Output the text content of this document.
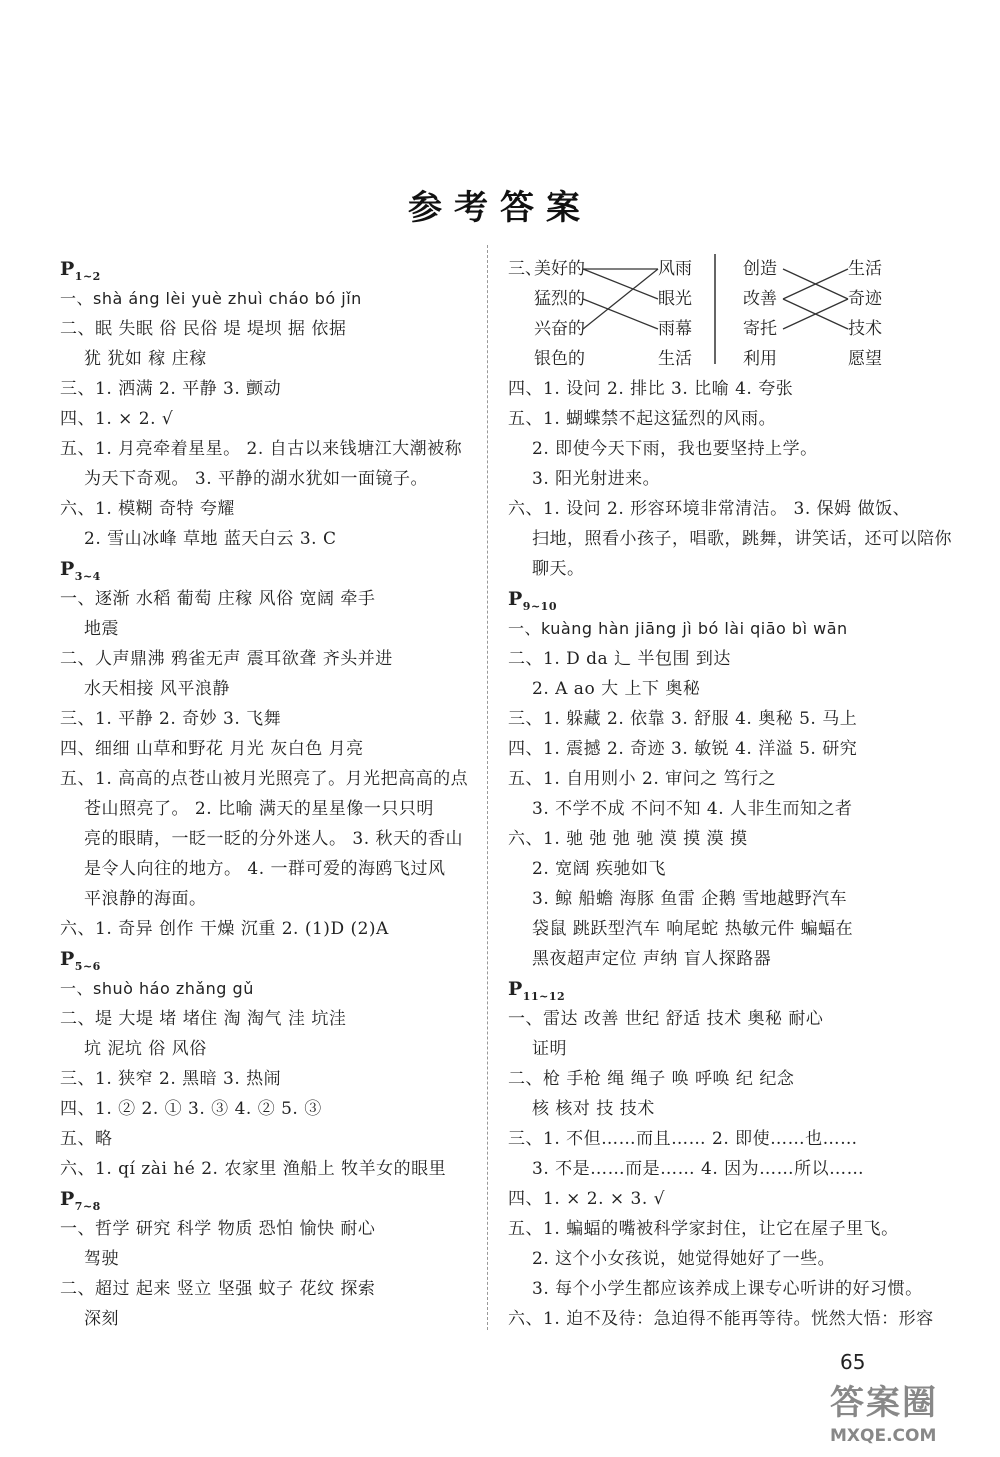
参考答案
$P_{1\sim 2}$
一、shà áng lèi yuè zhuì cháo bó jǐn
二、眠 失眠 俗 民俗 堤 堤坝 据 依据
犹 犹如 稼 庄稼
三、1. 洒满 2. 平静 3. 颤动
四、1. × 2. √
五、1. 月亮牵着星星。 2. 自古以来钱塘江大潮被称
为天下奇观。 3. 平静的湖水犹如一面镜子。
六、1. 模糊 奇特 夸耀
2. 雪山冰峰 草地 蓝天白云 3. C
$P_{3\sim 4}$
一、逐渐 水稻 葡萄 庄稼 风俗 宽阔 牵手
地震
二、人声鼎沸 鸦雀无声 震耳欲聋 齐头并进
水天相接 风平浪静
三、1. 平静 2. 奇妙 3. 飞舞
四、细细 山草和野花 月光 灰白色 月亮
五、1. 高高的点苍山被月光照亮了。月光把高高的点
苍山照亮了。 2. 比喻 满天的星星像一只只明
亮的眼睛，一眨一眨的分外迷人。 3. 秋天的香山
是令人向往的地方。 4. 一群可爱的海鸥飞过风
平浪静的海面。
六、1. 奇异 创作 干燥 沉重 2. (1)D (2)A
$P_{5\sim 6}$
一、shuò háo zhǎng gǔ
二、堤 大堤 堵 堵住 淘 淘气 洼 坑洼
坑 泥坑 俗 风俗
三、1. 狭窄 2. 黑暗 3. 热闹
四、1. ② 2. ① 3. ③ 4. ② 5. ③
五、略
六、1. qí zài hé 2. 农家里 渔船上 牧羊女的眼里
$P_{7\sim 8}$
一、哲学 研究 科学 物质 恐怕 愉快 耐心
驾驶
二、超过 起来 竖立 坚强 蚊子 花纹 探索
深刻
三、
美好的
猛烈的
兴奋的
银色的
风雨
眼光
雨幕
生活
创造
改善
寄托
利用
生活
奇迹
技术
愿望
四、1. 设问 2. 排比 3. 比喻 4. 夸张
五、1. 蝴蝶禁不起这猛烈的风雨。
2. 即使今天下雨，我也要坚持上学。
3. 阳光射进来。
六、1. 设问 2. 形容环境非常清洁。 3. 保姆 做饭、
扫地，照看小孩子，唱歌，跳舞，讲笑话，还可以陪你
聊天。
$P_{9\sim 10}$
一、kuàng hàn jiāng jì bó lài qiāo bì wān
二、1. D da 辶 半包围 到达
2. A ao 大 上下 奥秘
三、1. 躲藏 2. 依靠 3. 舒服 4. 奥秘 5. 马上
四、1. 震撼 2. 奇迹 3. 敏锐 4. 洋溢 5. 研究
五、1. 自用则小 2. 审问之 笃行之
3. 不学不成 不问不知 4. 人非生而知之者
六、1. 驰 弛 弛 驰 漠 摸 漠 摸
2. 宽阔 疾驰如飞
3. 鲸 船蟾 海豚 鱼雷 企鹅 雪地越野汽车
袋鼠 跳跃型汽车 响尾蛇 热敏元件 蝙蝠在
黑夜超声定位 声纳 盲人探路器
$P_{11\sim 12}$
一、雷达 改善 世纪 舒适 技术 奥秘 耐心
证明
二、枪 手枪 绳 绳子 唤 呼唤 纪 纪念
核 核对 技 技术
三、1. 不但……而且…… 2. 即使……也……
3. 不是……而是…… 4. 因为……所以……
四、1. × 2. × 3. √
五、1. 蝙蝠的嘴被科学家封住，让它在屋子里飞。
2. 这个小女孩说，她觉得她好了一些。
3. 每个小学生都应该养成上课专心听讲的好习惯。
六、1. 迫不及待：急迫得不能再等待。恍然大悟：形容
65
答案圈
MXQE.COM
